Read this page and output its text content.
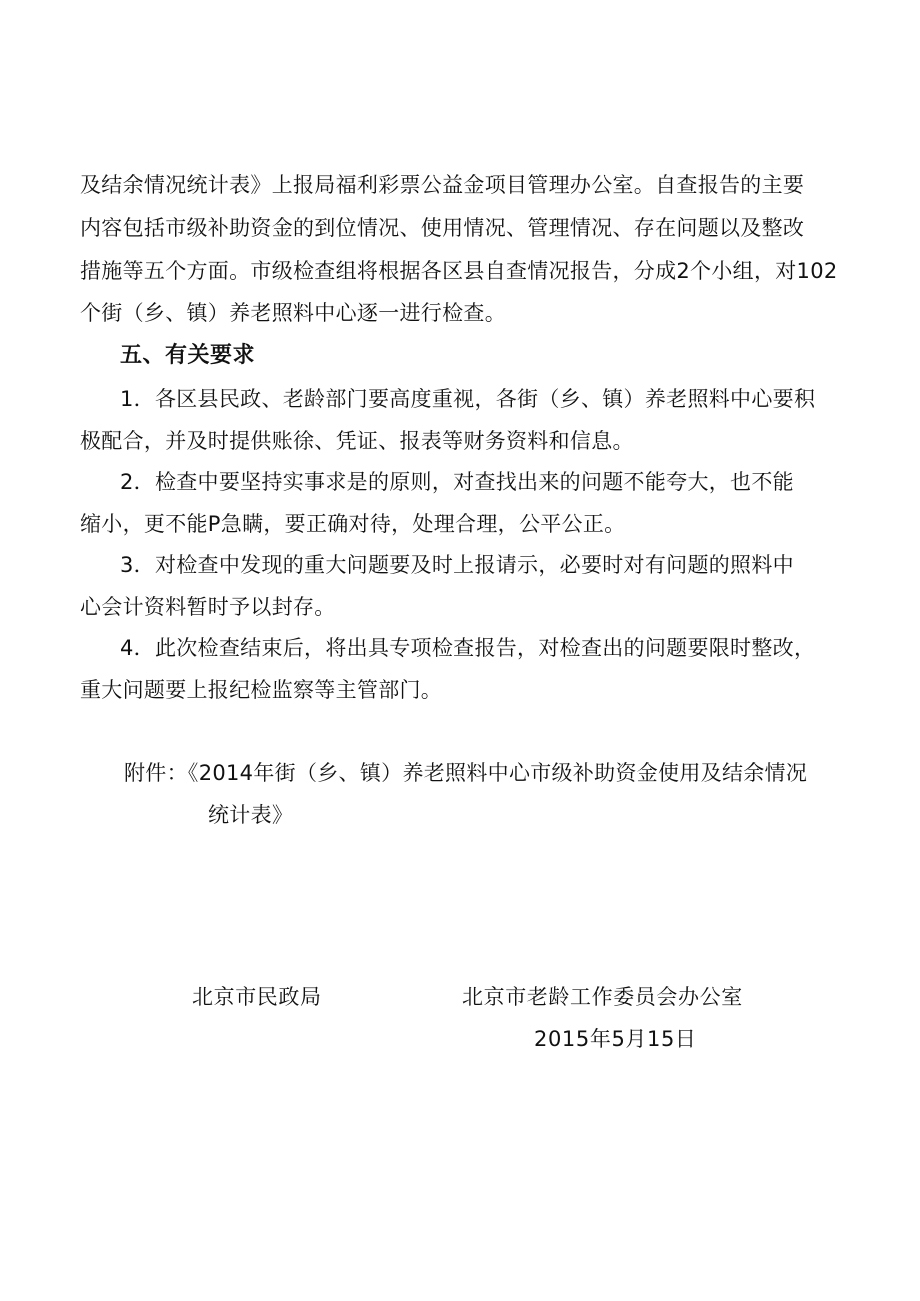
及结余情况统计表》上报局福利彩票公益金项目管理办公室。自查报告的主要
内容包括市级补助资金的到位情况、使用情况、管理情况、存在问题以及整改
措施等五个方面。市级检查组将根据各区县自查情况报告，分成2个小组，对102
个街（乡、镇）养老照料中心逐一进行检查。
五、有关要求
1．各区县民政、老龄部门要高度重视，各街（乡、镇）养老照料中心要积
极配合，并及时提供账徐、凭证、报表等财务资料和信息。
2．检查中要坚持实事求是的原则，对查找出来的问题不能夸大，也不能
缩小，更不能P急瞒，要正确对待，处理合理，公平公正。
3．对检查中发现的重大问题要及时上报请示，必要时对有问题的照料中
心会计资料暂时予以封存。
4．此次检查结束后，将出具专项检查报告，对检查出的问题要限时整改，
重大问题要上报纪检监察等主管部门。
附件：《2014年街（乡、镇）养老照料中心市级补助资金使用及结余情况
统计表》
北京市民政局	北京市老龄工作委员会办公室
2015年5月15日
